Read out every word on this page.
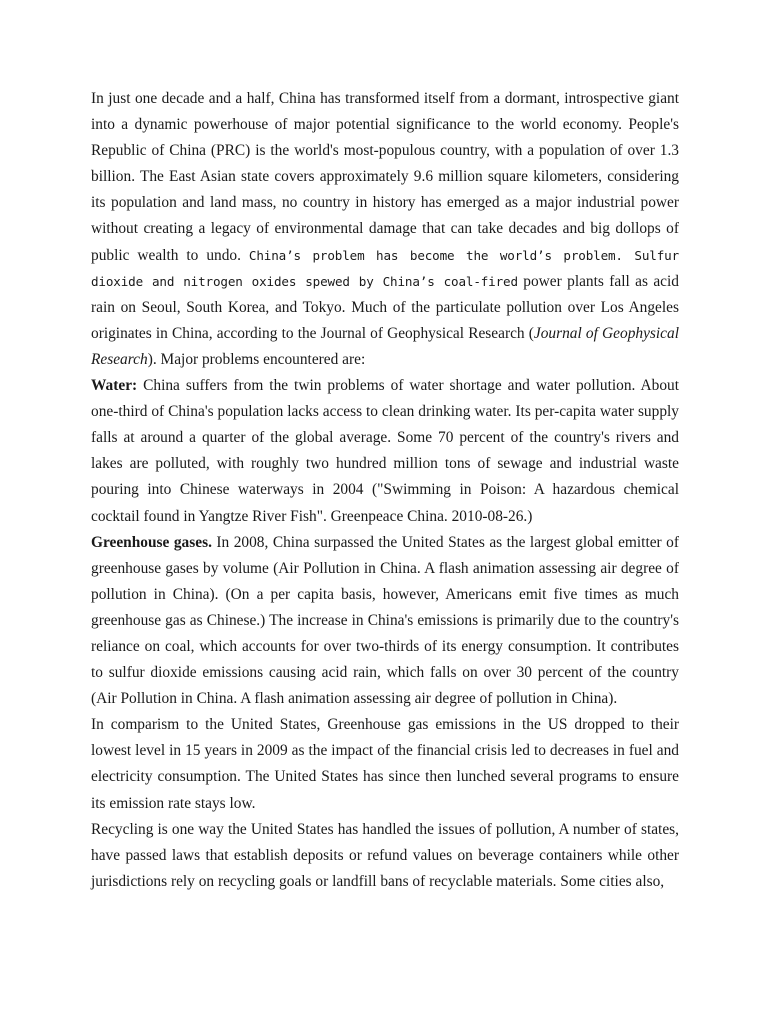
In just one decade and a half, China has transformed itself from a dormant, introspective giant into a dynamic powerhouse of major potential significance to the world economy. People's Republic of China (PRC) is the world's most-populous country, with a population of over 1.3 billion. The East Asian state covers approximately 9.6 million square kilometers, considering its population and land mass, no country in history has emerged as a major industrial power without creating a legacy of environmental damage that can take decades and big dollops of public wealth to undo. China’s problem has become the world’s problem. Sulfur dioxide and nitrogen oxides spewed by China’s coal-fired power plants fall as acid rain on Seoul, South Korea, and Tokyo. Much of the particulate pollution over Los Angeles originates in China, according to the Journal of Geophysical Research (Journal of Geophysical Research). Major problems encountered are:

Water: China suffers from the twin problems of water shortage and water pollution. About one-third of China's population lacks access to clean drinking water. Its per-capita water supply falls at around a quarter of the global average. Some 70 percent of the country's rivers and lakes are polluted, with roughly two hundred million tons of sewage and industrial waste pouring into Chinese waterways in 2004 ("Swimming in Poison: A hazardous chemical cocktail found in Yangtze River Fish". Greenpeace China. 2010-08-26.)

Greenhouse gases. In 2008, China surpassed the United States as the largest global emitter of greenhouse gases by volume (Air Pollution in China. A flash animation assessing air degree of pollution in China). (On a per capita basis, however, Americans emit five times as much greenhouse gas as Chinese.) The increase in China's emissions is primarily due to the country's reliance on coal, which accounts for over two-thirds of its energy consumption. It contributes to sulfur dioxide emissions causing acid rain, which falls on over 30 percent of the country (Air Pollution in China. A flash animation assessing air degree of pollution in China).

In comparism to the United States, Greenhouse gas emissions in the US dropped to their lowest level in 15 years in 2009 as the impact of the financial crisis led to decreases in fuel and electricity consumption. The United States has since then lunched several programs to ensure its emission rate stays low.

Recycling is one way the United States has handled the issues of pollution, A number of states, have passed laws that establish deposits or refund values on beverage containers while other jurisdictions rely on recycling goals or landfill bans of recyclable materials. Some cities also,
